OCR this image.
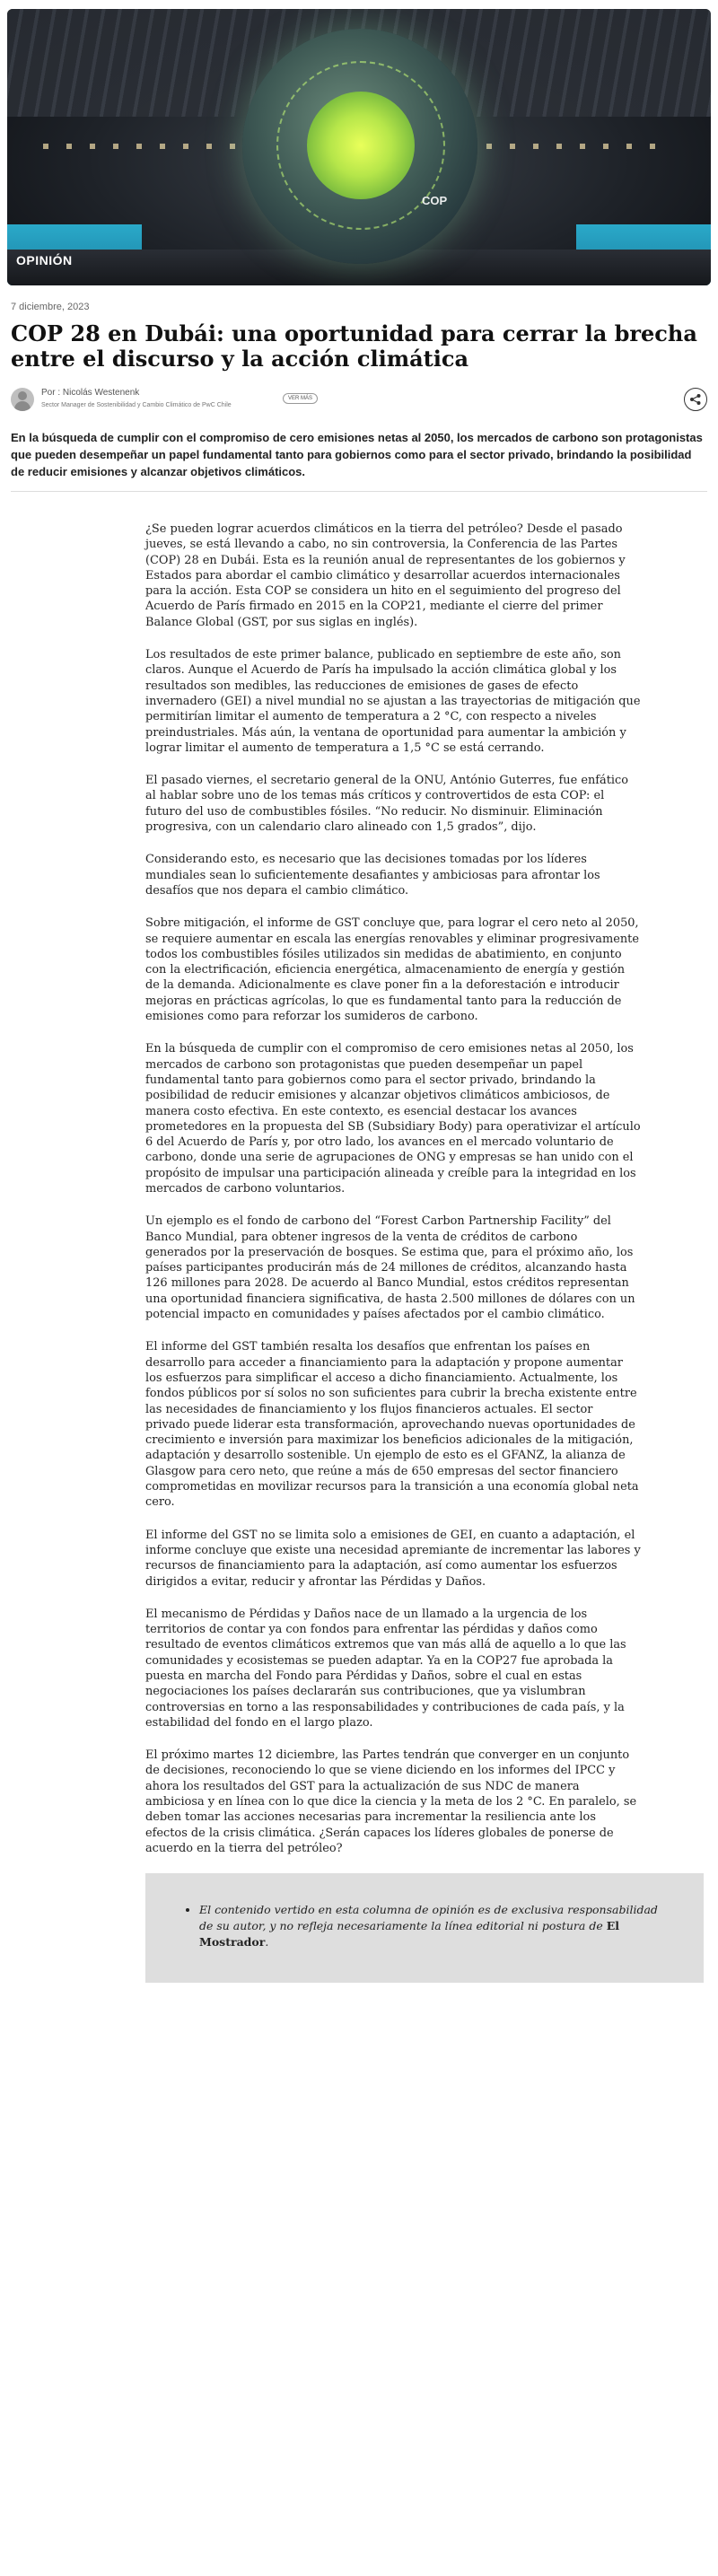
COP
OPINIÓN
7 diciembre, 2023
COP 28 en Dubái: una oportunidad para cerrar la brecha entre el discurso y la acción climática
Por : Nicolás Westenenk
Sector Manager de Sostenibilidad y Cambio Climático de PwC Chile
VER MÁS

En la búsqueda de cumplir con el compromiso de cero emisiones netas al 2050, los mercados de carbono son protagonistas que pueden desempeñar un papel fundamental tanto para gobiernos como para el sector privado, brindando la posibilidad de reducir emisiones y alcanzar objetivos climáticos.

¿Se pueden lograr acuerdos climáticos en la tierra del petróleo? Desde el pasado jueves, se está llevando a cabo, no sin controversia, la Conferencia de las Partes (COP) 28 en Dubái. Esta es la reunión anual de representantes de los gobiernos y Estados para abordar el cambio climático y desarrollar acuerdos internacionales para la acción. Esta COP se considera un hito en el seguimiento del progreso del Acuerdo de París firmado en 2015 en la COP21, mediante el cierre del primer Balance Global (GST, por sus siglas en inglés).

Los resultados de este primer balance, publicado en septiembre de este año, son claros. Aunque el Acuerdo de París ha impulsado la acción climática global y los resultados son medibles, las reducciones de emisiones de gases de efecto invernadero (GEI) a nivel mundial no se ajustan a las trayectorias de mitigación que permitirían limitar el aumento de temperatura a 2 °C, con respecto a niveles preindustriales. Más aún, la ventana de oportunidad para aumentar la ambición y lograr limitar el aumento de temperatura a 1,5 °C se está cerrando.

El pasado viernes, el secretario general de la ONU, António Guterres, fue enfático al hablar sobre uno de los temas más críticos y controvertidos de esta COP: el futuro del uso de combustibles fósiles. “No reducir. No disminuir. Eliminación progresiva, con un calendario claro alineado con 1,5 grados”, dijo.

Considerando esto, es necesario que las decisiones tomadas por los líderes mundiales sean lo suficientemente desafiantes y ambiciosas para afrontar los desafíos que nos depara el cambio climático.

Sobre mitigación, el informe de GST concluye que, para lograr el cero neto al 2050, se requiere aumentar en escala las energías renovables y eliminar progresivamente todos los combustibles fósiles utilizados sin medidas de abatimiento, en conjunto con la electrificación, eficiencia energética, almacenamiento de energía y gestión de la demanda. Adicionalmente es clave poner fin a la deforestación e introducir mejoras en prácticas agrícolas, lo que es fundamental tanto para la reducción de emisiones como para reforzar los sumideros de carbono.

En la búsqueda de cumplir con el compromiso de cero emisiones netas al 2050, los mercados de carbono son protagonistas que pueden desempeñar un papel fundamental tanto para gobiernos como para el sector privado, brindando la posibilidad de reducir emisiones y alcanzar objetivos climáticos ambiciosos, de manera costo efectiva. En este contexto, es esencial destacar los avances prometedores en la propuesta del SB (Subsidiary Body) para operativizar el artículo 6 del Acuerdo de París y, por otro lado, los avances en el mercado voluntario de carbono, donde una serie de agrupaciones de ONG y empresas se han unido con el propósito de impulsar una participación alineada y creíble para la integridad en los mercados de carbono voluntarios.

Un ejemplo es el fondo de carbono del “Forest Carbon Partnership Facility” del Banco Mundial, para obtener ingresos de la venta de créditos de carbono generados por la preservación de bosques. Se estima que, para el próximo año, los países participantes producirán más de 24 millones de créditos, alcanzando hasta 126 millones para 2028. De acuerdo al Banco Mundial, estos créditos representan una oportunidad financiera significativa, de hasta 2.500 millones de dólares con un potencial impacto en comunidades y países afectados por el cambio climático.

El informe del GST también resalta los desafíos que enfrentan los países en desarrollo para acceder a financiamiento para la adaptación y propone aumentar los esfuerzos para simplificar el acceso a dicho financiamiento. Actualmente, los fondos públicos por sí solos no son suficientes para cubrir la brecha existente entre las necesidades de financiamiento y los flujos financieros actuales. El sector privado puede liderar esta transformación, aprovechando nuevas oportunidades de crecimiento e inversión para maximizar los beneficios adicionales de la mitigación, adaptación y desarrollo sostenible. Un ejemplo de esto es el GFANZ, la alianza de Glasgow para cero neto, que reúne a más de 650 empresas del sector financiero comprometidas en movilizar recursos para la transición a una economía global neta cero.

El informe del GST no se limita solo a emisiones de GEI, en cuanto a adaptación, el informe concluye que existe una necesidad apremiante de incrementar las labores y recursos de financiamiento para la adaptación, así como aumentar los esfuerzos dirigidos a evitar, reducir y afrontar las Pérdidas y Daños.

El mecanismo de Pérdidas y Daños nace de un llamado a la urgencia de los territorios de contar ya con fondos para enfrentar las pérdidas y daños como resultado de eventos climáticos extremos que van más allá de aquello a lo que las comunidades y ecosistemas se pueden adaptar. Ya en la COP27 fue aprobada la puesta en marcha del Fondo para Pérdidas y Daños, sobre el cual en estas negociaciones los países declararán sus contribuciones, que ya vislumbran controversias en torno a las responsabilidades y contribuciones de cada país, y la estabilidad del fondo en el largo plazo.

El próximo martes 12 diciembre, las Partes tendrán que converger en un conjunto de decisiones, reconociendo lo que se viene diciendo en los informes del IPCC y ahora los resultados del GST para la actualización de sus NDC de manera ambiciosa y en línea con lo que dice la ciencia y la meta de los 2 °C. En paralelo, se deben tomar las acciones necesarias para incrementar la resiliencia ante los efectos de la crisis climática. ¿Serán capaces los líderes globales de ponerse de acuerdo en la tierra del petróleo?

• El contenido vertido en esta columna de opinión es de exclusiva responsabilidad de su autor, y no refleja necesariamente la línea editorial ni postura de El Mostrador.
